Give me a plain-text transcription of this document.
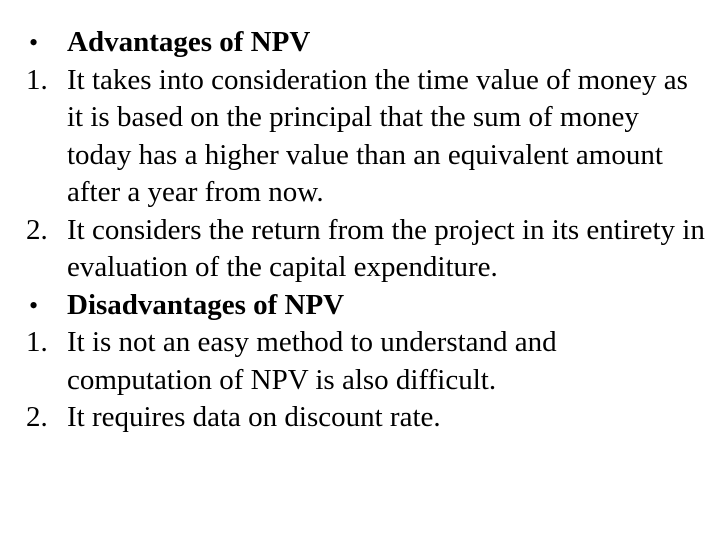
• Advantages of NPV
1. It takes into consideration the time value of money as it is based on the principal that the sum of money today has a higher value than an equivalent amount after a year from now.
2. It considers the return from the project in its entirety in evaluation of the capital expenditure.
• Disadvantages of NPV
1. It is not an easy method to understand and computation of NPV is also difficult.
2. It requires data on discount rate.
